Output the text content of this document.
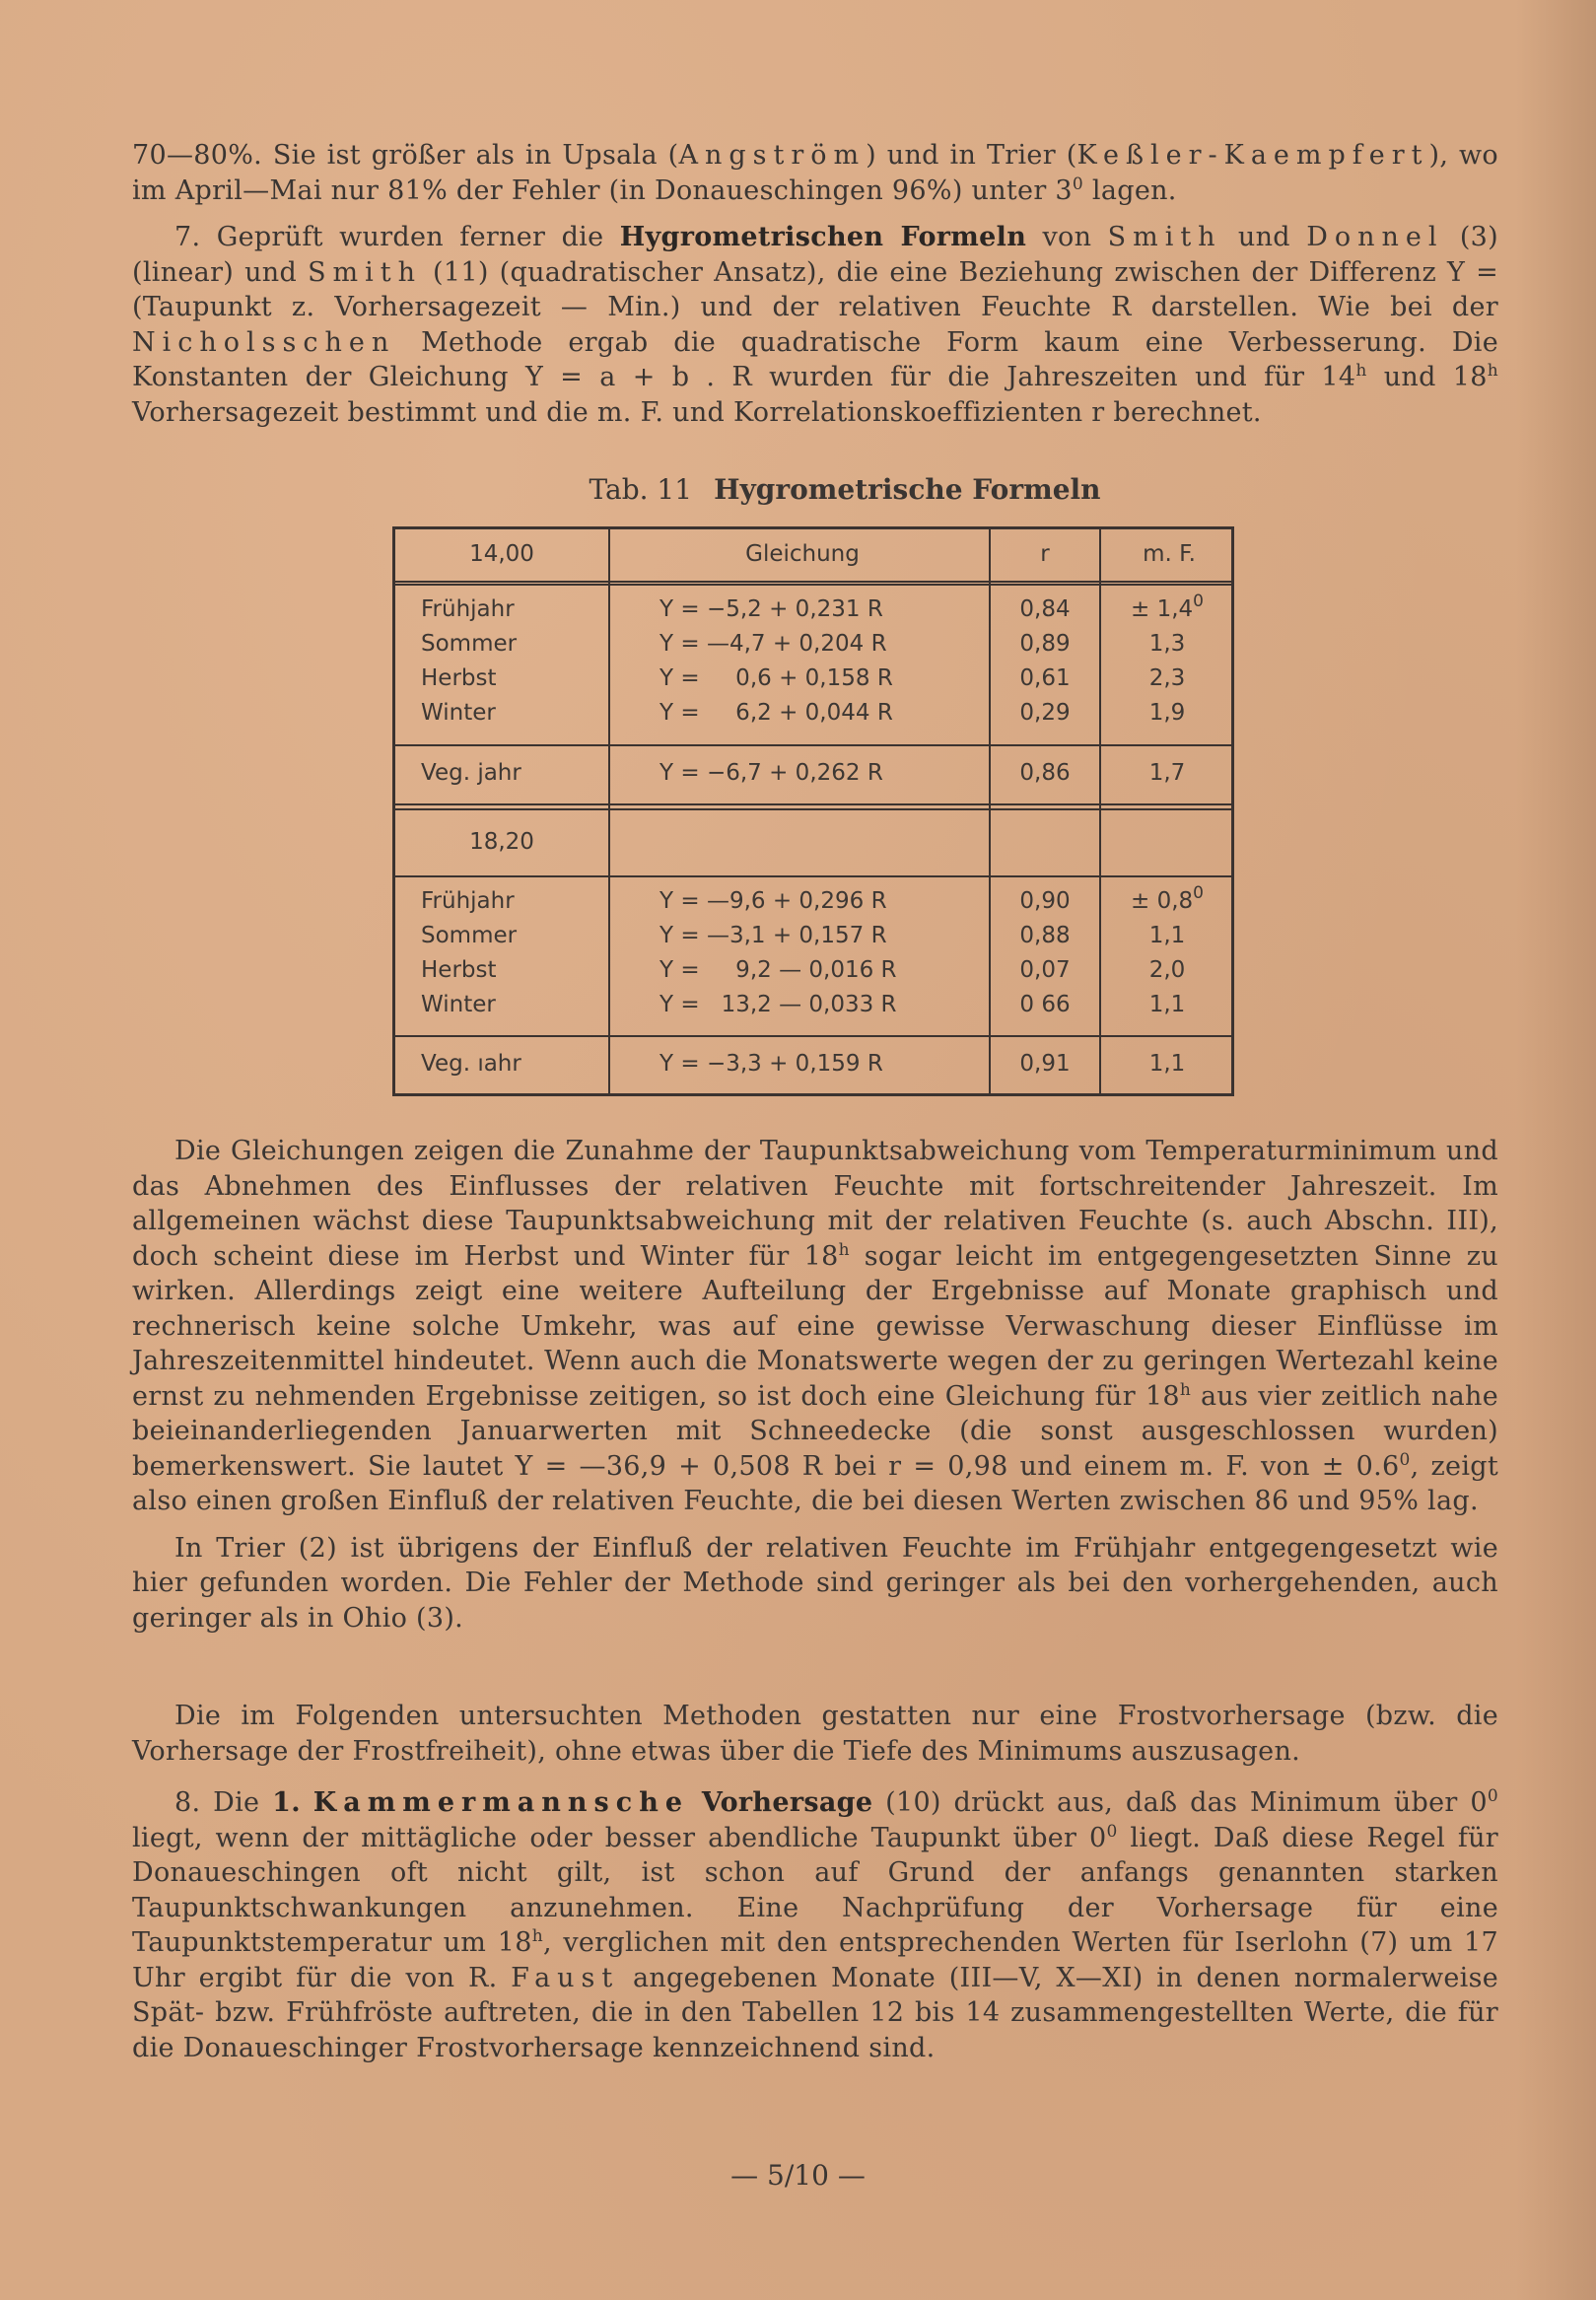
70—80%. Sie ist größer als in Upsala (Angström) und in Trier (Keßler-Kaempfert), wo im April—Mai nur 81% der Fehler (in Donaueschingen 96%) unter $3^0$ lagen.

7. Geprüft wurden ferner die Hygrometrischen Formeln von Smith und Donnel (3) (linear) und Smith (11) (quadratischer Ansatz), die eine Beziehung zwischen der Differenz Y = (Taupunkt z. Vorhersagezeit — Min.) und der relativen Feuchte R darstellen. Wie bei der Nicholsschen Methode ergab die quadratische Form kaum eine Verbesserung. Die Konstanten der Gleichung Y = a + b . R wurden für die Jahreszeiten und für 14$^h$ und 18$^h$ Vorhersagezeit bestimmt und die m. F. und Korrelationskoeffizienten r berechnet.

Tab. 11 Hygrometrische Formeln
14,00	Gleichung	r	m. F.
Frühjahr	Y = −5,2 + 0,231 R	0,84	± $1,4^0$
Sommer	Y = —4,7 + 0,204 R	0,89	1,3
Herbst	Y =     0,6 + 0,158 R	0,61	2,3
Winter	Y =     6,2 + 0,044 R	0,29	1,9
Veg. jahr	Y = −6,7 + 0,262 R	0,86	1,7
18,20
Frühjahr	Y = —9,6 + 0,296 R	0,90	± $0,8^0$
Sommer	Y = —3,1 + 0,157 R	0,88	1,1
Herbst	Y =     9,2 — 0,016 R	0,07	2,0
Winter	Y =   13,2 — 0,033 R	0 66	1,1
Veg. ıahr	Y = −3,3 + 0,159 R	0,91	1,1

Die Gleichungen zeigen die Zunahme der Taupunktsabweichung vom Temperaturminimum und das Abnehmen des Einflusses der relativen Feuchte mit fortschreitender Jahreszeit. Im allgemeinen wächst diese Taupunktsabweichung mit der relativen Feuchte (s. auch Abschn. III), doch scheint diese im Herbst und Winter für 18$^h$ sogar leicht im entgegengesetzten Sinne zu wirken. Allerdings zeigt eine weitere Aufteilung der Ergebnisse auf Monate graphisch und rechnerisch keine solche Umkehr, was auf eine gewisse Verwaschung dieser Einflüsse im Jahreszeitenmittel hindeutet. Wenn auch die Monatswerte wegen der zu geringen Wertezahl keine ernst zu nehmenden Ergebnisse zeitigen, so ist doch eine Gleichung für 18$^h$ aus vier zeitlich nahe beieinanderliegenden Januarwerten mit Schneedecke (die sonst ausgeschlossen wurden) bemerkenswert. Sie lautet Y = —36,9 + 0,508 R bei r = 0,98 und einem m. F. von ± $0.6^0$, zeigt also einen großen Einfluß der relativen Feuchte, die bei diesen Werten zwischen 86 und 95% lag.

In Trier (2) ist übrigens der Einfluß der relativen Feuchte im Frühjahr entgegengesetzt wie hier gefunden worden. Die Fehler der Methode sind geringer als bei den vorhergehenden, auch geringer als in Ohio (3).

Die im Folgenden untersuchten Methoden gestatten nur eine Frostvorhersage (bzw. die Vorhersage der Frostfreiheit), ohne etwas über die Tiefe des Minimums auszusagen.

8. Die 1. Kammermannsche Vorhersage (10) drückt aus, daß das Minimum über $0^0$ liegt, wenn der mittägliche oder besser abendliche Taupunkt über $0^0$ liegt. Daß diese Regel für Donaueschingen oft nicht gilt, ist schon auf Grund der anfangs genannten starken Taupunktschwankungen anzunehmen. Eine Nachprüfung der Vorhersage für eine Taupunktstemperatur um 18$^h$, verglichen mit den entsprechenden Werten für Iserlohn (7) um 17 Uhr ergibt für die von R. Faust angegebenen Monate (III—V, X—XI) in denen normalerweise Spät- bzw. Frühfröste auftreten, die in den Tabellen 12 bis 14 zusammengestellten Werte, die für die Donaueschinger Frostvorhersage kennzeichnend sind.

— 5/10 —
